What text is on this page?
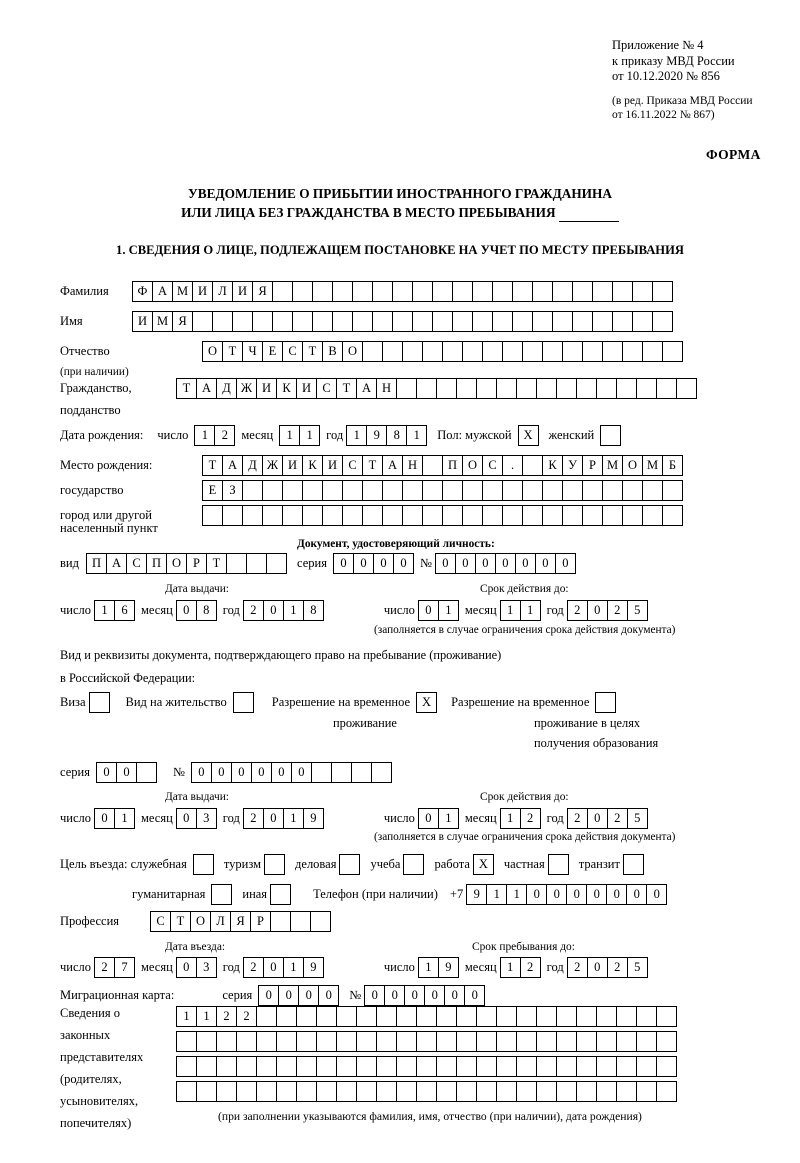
Приложение № 4
к приказу МВД России
от 10.12.2020 № 856
(в ред. Приказа МВД России
от 16.11.2022 № 867)
ФОРМА
УВЕДОМЛЕНИЕ О ПРИБЫТИИ ИНОСТРАННОГО ГРАЖДАНИНА
ИЛИ ЛИЦА БЕЗ ГРАЖДАНСТВА В МЕСТО ПРЕБЫВАНИЯ
1. СВЕДЕНИЯ О ЛИЦЕ, ПОДЛЕЖАЩЕМ ПОСТАНОВКЕ НА УЧЕТ ПО МЕСТУ ПРЕБЫВАНИЯ
Фамилия	Ф А М И Л И Я
Имя	И М Я
Отчество	О Т Ч Е С Т В О
(при наличии)
Гражданство,	Т А Д Ж И К И С Т А Н
подданство
Дата рождения: число	1	2	месяц	1	1	год 1	9	8	1	Пол: мужской Х	женский
Место рождения:	Т А Д Ж И К И С Т А Н	П О С	.	К У Р М О М Б
государство	Е	З
город или другой
населенный пункт
Документ, удостоверяющий личность:
вид	П А С П О Р	Т	серия	0	0	0	0	№ 0	0	0	0	0	0	0
Дата выдачи:	Срок действия до:
число 1	6	месяц 0	8	год 2	0	1	8	число 0	1	месяц 1	1	год 2	0	2	5
(заполняется в случае ограничения срока действия документа)
Вид и реквизиты документа, подтверждающего право на пребывание (проживание)
в Российской Федерации:
Виза	Вид на жительство	Разрешение на временное Х	Разрешение на временное
проживание	проживание в целях
получения образования
серия	0	0	№	0	0	0	0	0	0
Дата выдачи:	Срок действия до:
число 0	1	месяц 0	3	год 2	0	1	9	число 0	1	месяц 1	2	год 2	0	2	5
(заполняется в случае ограничения срока действия документа)
Цель въезда: служебная	туризм	деловая	учеба	работа Х	частная	транзит
гуманитарная	иная	Телефон (при наличии) +7 9	1	1	0	0	0	0	0	0	0
Профессия	С Т О Л Я Р
Дата въезда:	Срок пребывания до:
число 2	7	месяц 0	3	год 2	0	1	9	число 1	9	месяц 1	2	год 2	0	2	5
Миграционная карта:	серия	0	0	0	0	№ 0	0	0	0	0	0
Сведения о
законных
представителях
(родителях,
усыновителях,
попечителях)
1	1	2	2
(при заполнении указываются фамилия, имя, отчество (при наличии), дата рождения)
